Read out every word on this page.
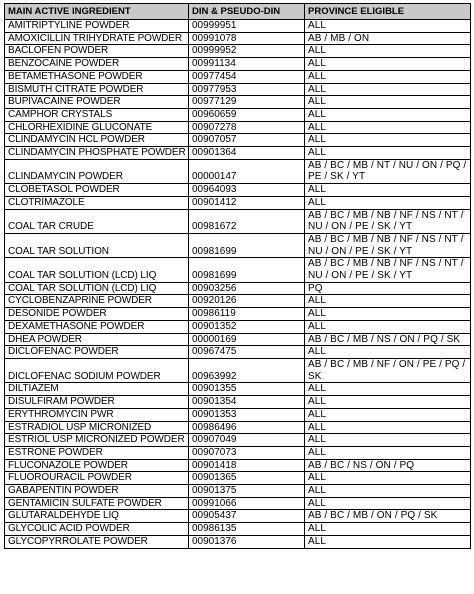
MAIN ACTIVE INGREDIENT	DIN & PSEUDO-DIN	PROVINCE ELIGIBLE
AMITRIPTYLINE POWDER	00999951	ALL
AMOXICILLIN TRIHYDRATE POWDER	00991078	AB / MB / ON
BACLOFEN POWDER	00999952	ALL
BENZOCAINE POWDER	00991134	ALL
BETAMETHASONE POWDER	00977454	ALL
BISMUTH CITRATE POWDER	00977953	ALL
BUPIVACAINE POWDER	00977129	ALL
CAMPHOR CRYSTALS	00960659	ALL
CHLORHEXIDINE GLUCONATE	00907278	ALL
CLINDAMYCIN HCL POWDER	00907057	ALL
CLINDAMYCIN PHOSPHATE POWDER	00901364	ALL
CLINDAMYCIN POWDER	00000147	AB / BC / MB / NT / NU / ON / PQ / PE / SK / YT
CLOBETASOL POWDER	00964093	ALL
CLOTRIMAZOLE	00901412	ALL
COAL TAR CRUDE	00981672	AB / BC / MB / NB / NF / NS / NT / NU / ON / PE / SK / YT
COAL TAR SOLUTION	00981699	AB / BC / MB / NB / NF / NS / NT / NU / ON / PE / SK / YT
COAL TAR SOLUTION (LCD) LIQ	00981699	AB / BC / MB / NB / NF / NS / NT / NU / ON / PE / SK / YT
COAL TAR SOLUTION (LCD) LIQ	00903256	PQ
CYCLOBENZAPRINE POWDER	00920126	ALL
DESONIDE POWDER	00986119	ALL
DEXAMETHASONE POWDER	00901352	ALL
DHEA POWDER	00000169	AB / BC / MB / NS / ON / PQ / SK
DICLOFENAC POWDER	00967475	ALL
DICLOFENAC SODIUM POWDER	00963992	AB / BC / MB / NF / ON / PE / PQ / SK
DILTIAZEM	00901355	ALL
DISULFIRAM POWDER	00901354	ALL
ERYTHROMYCIN PWR	00901353	ALL
ESTRADIOL USP MICRONIZED	00986496	ALL
ESTRIOL USP MICRONIZED POWDER	00907049	ALL
ESTRONE POWDER	00907073	ALL
FLUCONAZOLE POWDER	00901418	AB / BC / NS / ON / PQ
FLUOROURACIL POWDER	00901365	ALL
GABAPENTIN POWDER	00901375	ALL
GENTAMICIN SULFATE POWDER	00991066	ALL
GLUTARALDEHYDE LIQ	00905437	AB / BC / MB / ON / PQ / SK
GLYCOLIC ACID POWDER	00986135	ALL
GLYCOPYRROLATE POWDER	00901376	ALL
